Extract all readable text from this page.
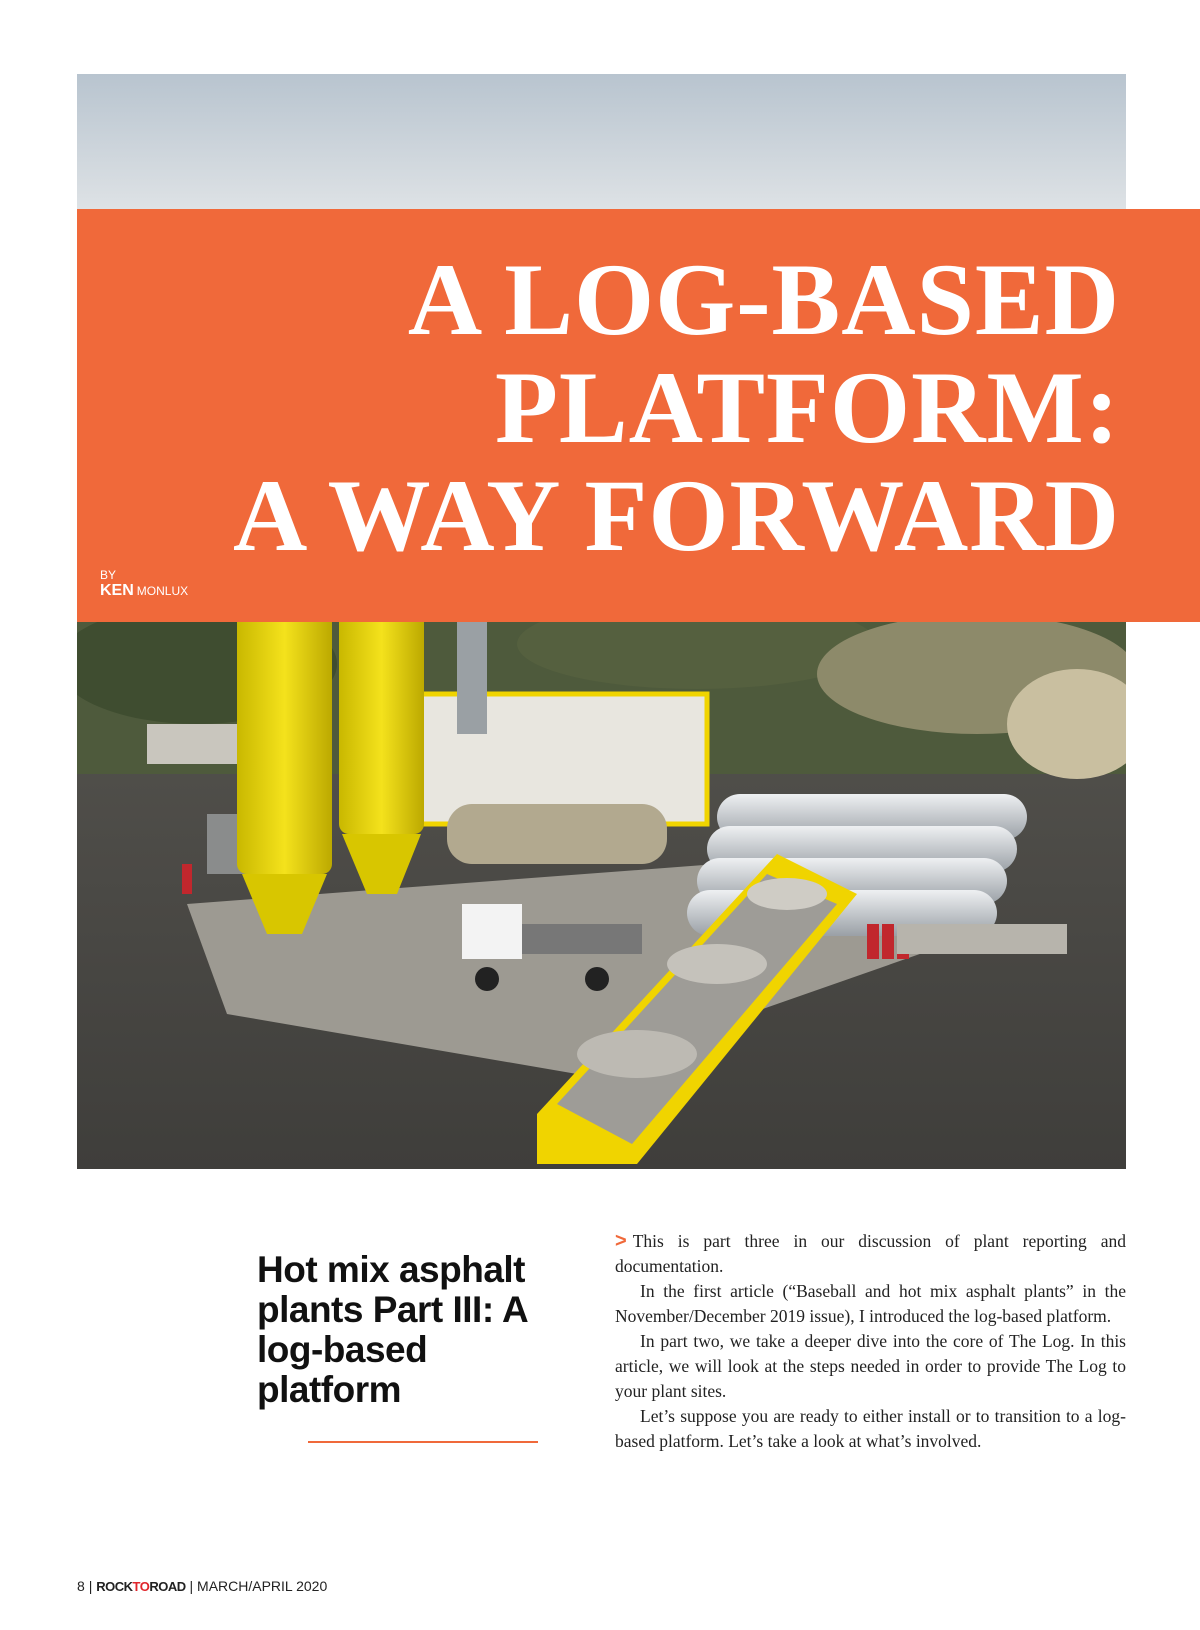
A LOG-BASED
PLATFORM:
A WAY FORWARD
BY
KEN MONLUX
Hot mix asphalt plants Part III: A log-based platform

> This is part three in our discussion of plant reporting and documentation.

In the first article (“Baseball and hot mix asphalt plants” in the November/December 2019 issue), I introduced the log-based platform.

In part two, we take a deeper dive into the core of The Log. In this article, we will look at the steps needed in order to provide The Log to your plant sites.

Let’s suppose you are ready to either install or to transition to a log-based platform. Let’s take a look at what’s involved.

8 | ROCKTOROAD | MARCH/APRIL 2020
